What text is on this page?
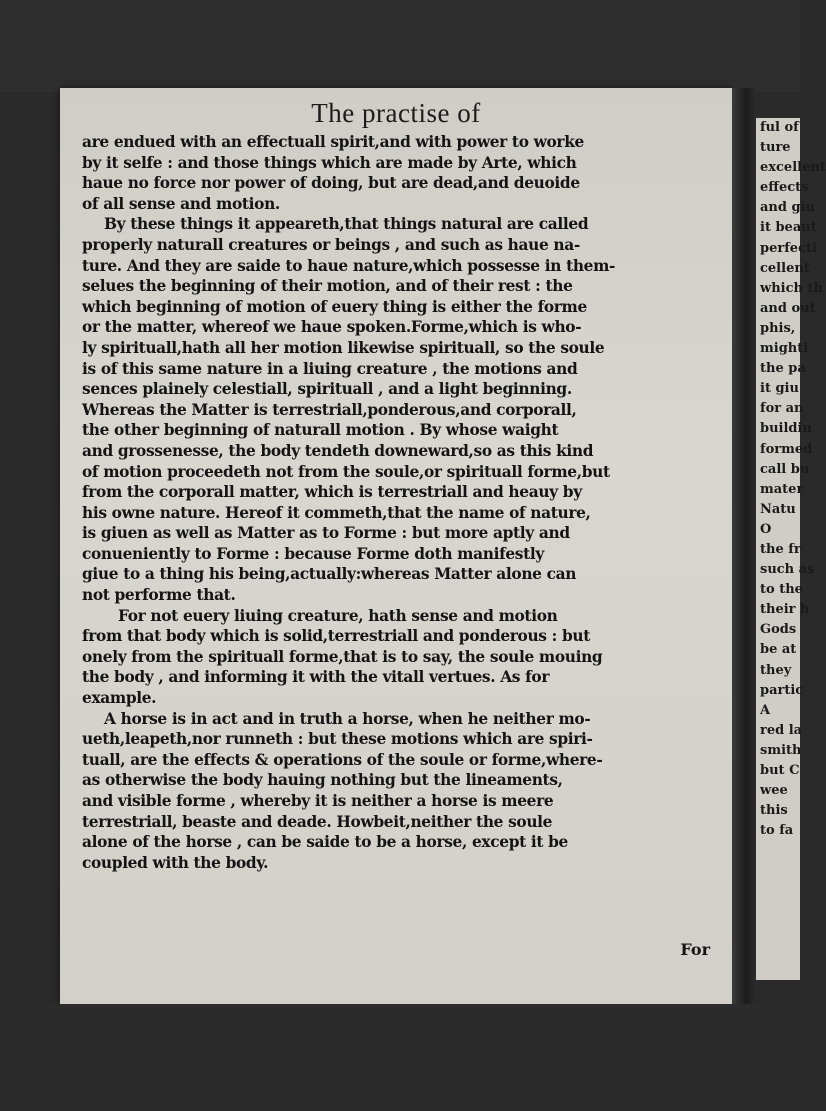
The practise of
are endued with an effectuall spirit,and with power to worke
by it selfe : and those things which are made by Arte, which
haue no force nor power of doing, but are dead,and deuoide
of all sense and motion.
By these things it appeareth,that things natural are called
properly naturall creatures or beings , and such as haue na-
ture. And they are saide to haue nature,which possesse in them-
selues the beginning of their motion, and of their rest : the
which beginning of motion of euery thing is either the forme
or the matter, whereof we haue spoken.Forme,which is who-
ly spirituall,hath all her motion likewise spirituall, so the soule
is of this same nature in a liuing creature , the motions and
sences plainely celestiall, spirituall , and a light beginning.
Whereas the Matter is terrestriall,ponderous,and corporall,
the other beginning of naturall motion . By whose waight
and grossenesse, the body tendeth downeward,so as this kind
of motion proceedeth not from the soule,or spirituall forme,but
from the corporall matter, which is terrestriall and heauy by
his owne nature. Hereof it commeth,that the name of nature,
is giuen as well as Matter as to Forme : but more aptly and
conueniently to Forme : because Forme doth manifestly
giue to a thing his being,actually:whereas Matter alone can
not performe that.
For not euery liuing creature, hath sense and motion
from that body which is solid,terrestriall and ponderous : but
onely from the spirituall forme,that is to say, the soule mouing
the body , and informing it with the vitall vertues. As for
example.
A horse is in act and in truth a horse, when he neither mo-
ueth,leapeth,nor runneth : but these motions which are spiri-
tuall, are the effects & operations of the soule or forme,where-
as otherwise the body hauing nothing but the lineaments,
and visible forme , whereby it is neither a horse is meere
terrestriall, beaste and deade. Howbeit,neither the soule
alone of the horse , can be saide to be a horse, except it be
coupled with the body.
For
ful of
ture
excellent
effects
and giu
it beaut
perfecti
cellent
which th
and out
phis,
mighti
the pa
it giu
for an
buildin
formed
call bu
mater
Natu
O
the fr
such as
to the
their b
Gods
be at
they
partic
A
red la
smith
but C
wee
this
to fa
